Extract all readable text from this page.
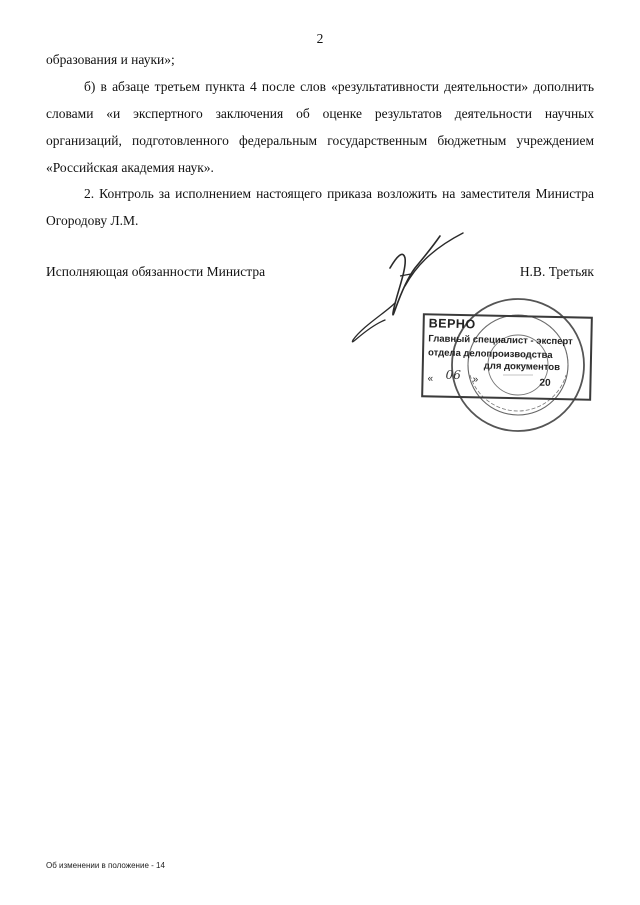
2

образования и науки»;

б) в абзаце третьем пункта 4 после слов «результативности деятельности» дополнить словами «и экспертного заключения об оценке результатов деятельности научных организаций, подготовленного федеральным государственным бюджетным учреждением «Российская академия наук».

2. Контроль за исполнением настоящего приказа возложить на заместителя Министра Огородову Л.М.

Исполняющая обязанности Министра	Н.В. Третьяк
ВЕРНО
Главный специалист - эксперт
отдела делопроизводства
для документов
«	»
06
20
Об изменении в положение - 14
